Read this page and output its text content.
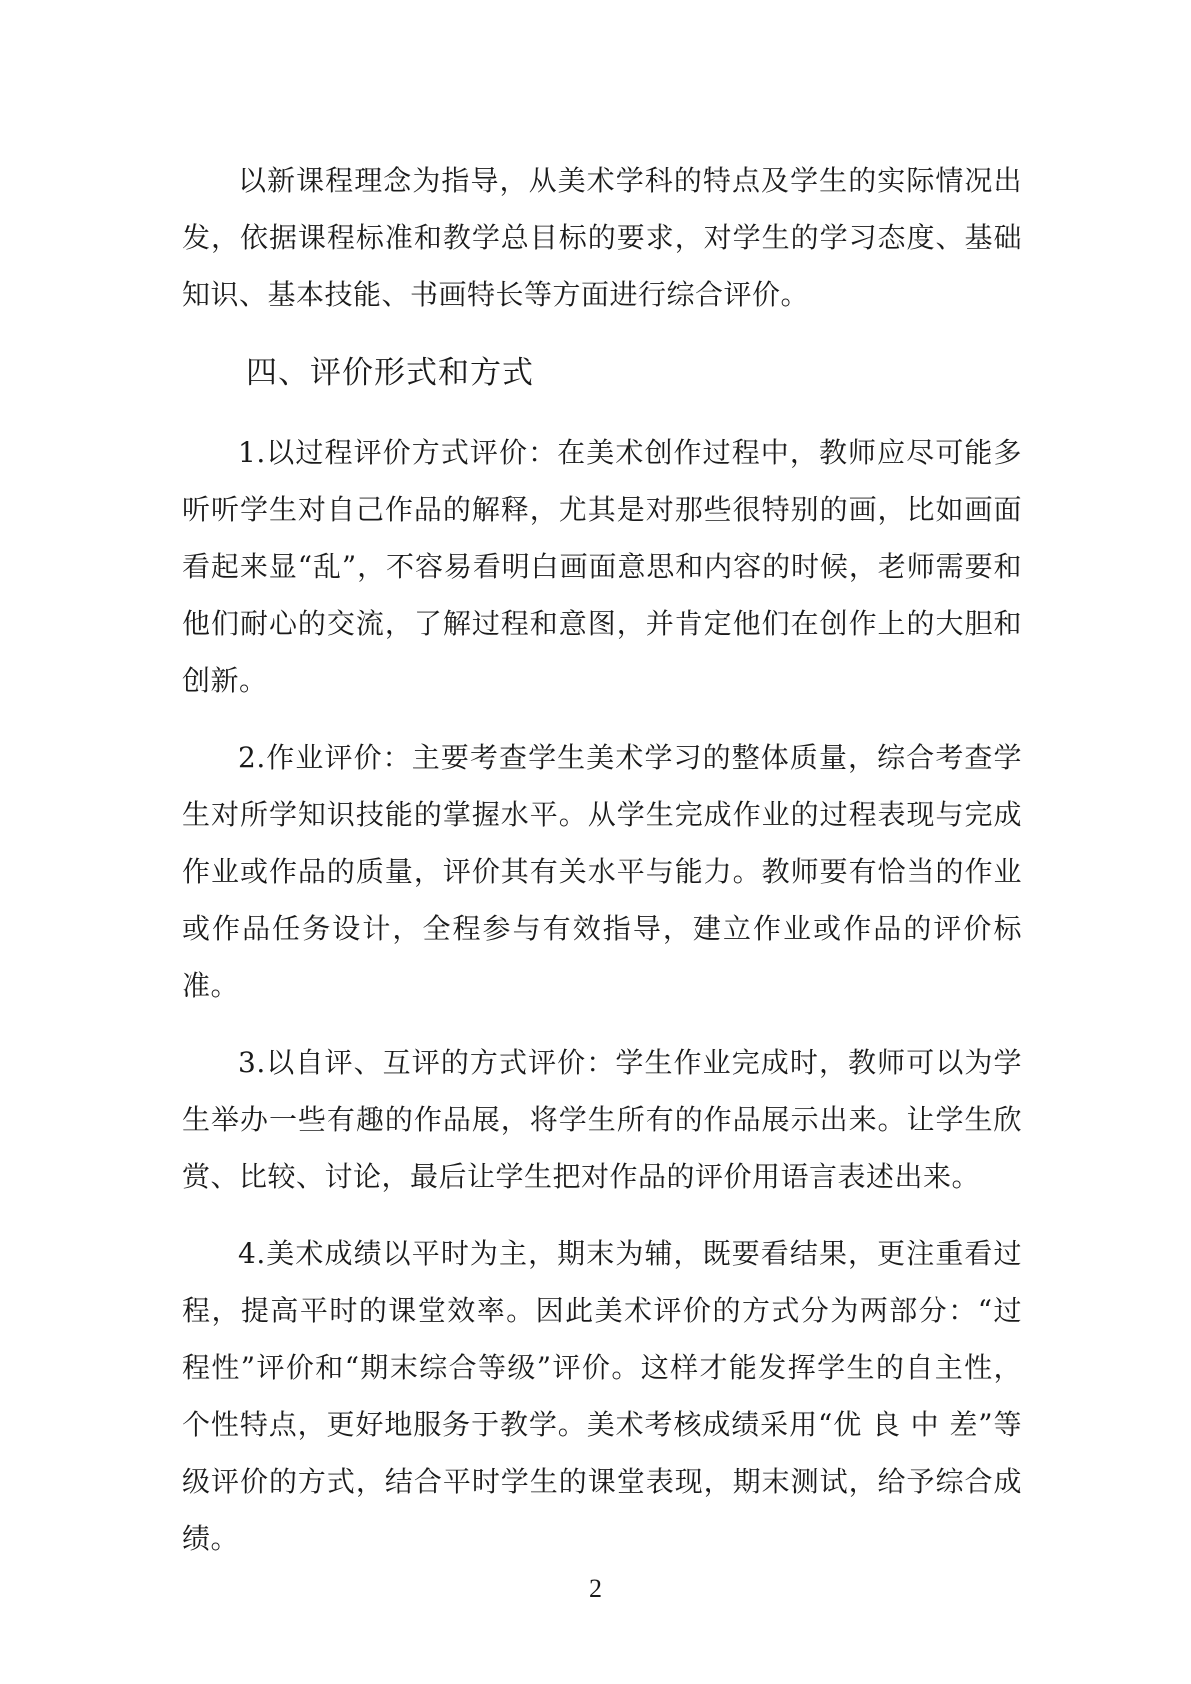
以新课程理念为指导，从美术学科的特点及学生的实际情况出发，依据课程标准和教学总目标的要求，对学生的学习态度、基础知识、基本技能、书画特长等方面进行综合评价。

四、评价形式和方式

1.以过程评价方式评价：在美术创作过程中，教师应尽可能多听听学生对自己作品的解释，尤其是对那些很特别的画，比如画面看起来显“乱”，不容易看明白画面意思和内容的时候，老师需要和他们耐心的交流，了解过程和意图，并肯定他们在创作上的大胆和创新。

2.作业评价：主要考查学生美术学习的整体质量，综合考查学生对所学知识技能的掌握水平。从学生完成作业的过程表现与完成作业或作品的质量，评价其有关水平与能力。教师要有恰当的作业或作品任务设计，全程参与有效指导，建立作业或作品的评价标准。

3.以自评、互评的方式评价：学生作业完成时，教师可以为学生举办一些有趣的作品展，将学生所有的作品展示出来。让学生欣赏、比较、讨论，最后让学生把对作品的评价用语言表述出来。

4.美术成绩以平时为主，期末为辅，既要看结果，更注重看过程，提高平时的课堂效率。因此美术评价的方式分为两部分：“过程性”评价和“期末综合等级”评价。这样才能发挥学生的自主性，个性特点，更好地服务于教学。美术考核成绩采用“优 良 中 差”等级评价的方式，结合平时学生的课堂表现，期末测试，给予综合成绩。

2
